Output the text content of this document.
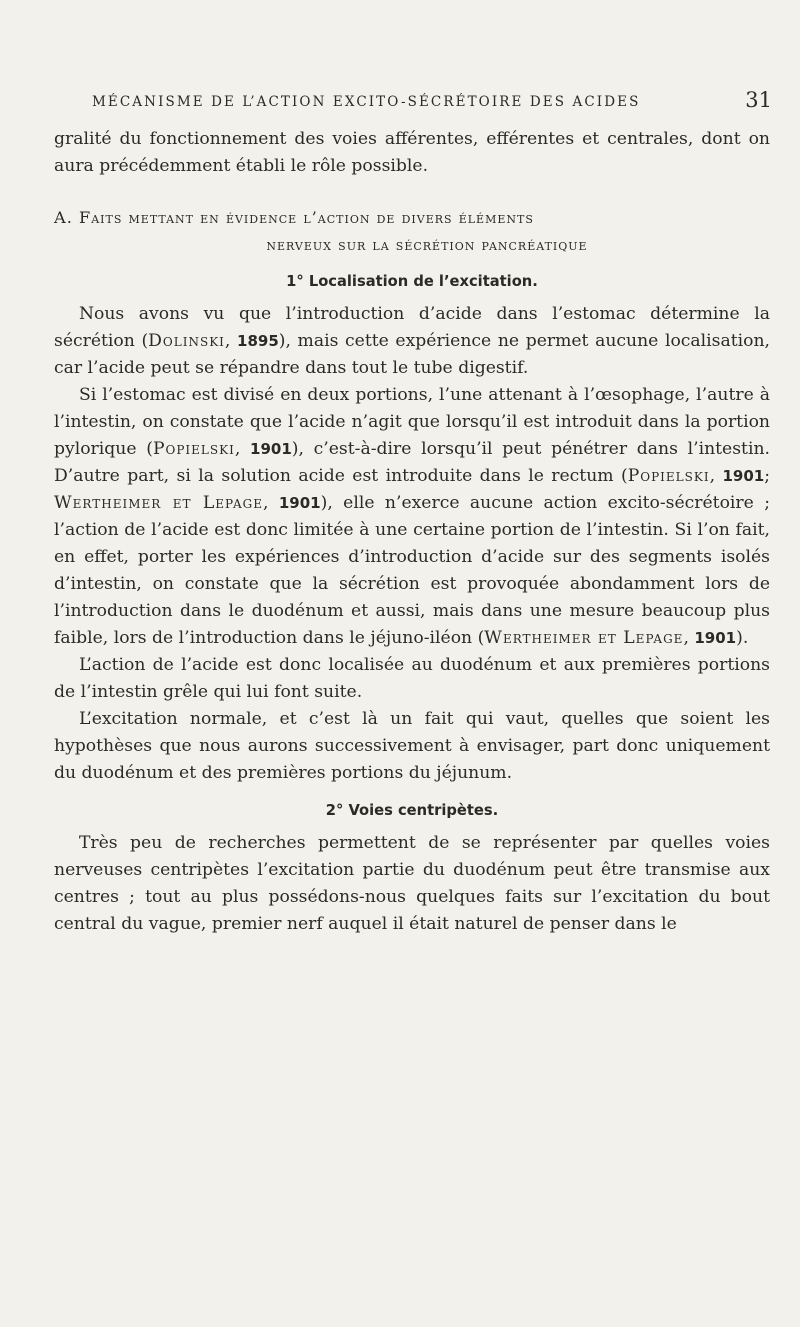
MÉCANISME DE L’ACTION EXCITO-SÉCRÉTOIRE DES ACIDES	31

gralité du fonctionnement des voies afférentes, efférentes et centrales, dont on aura précédemment établi le rôle possible.

A. Faits mettant en évidence l’action de divers éléments
nerveux sur la sécrétion pancréatique
1° Localisation de l’excitation.

Nous avons vu que l’introduction d’acide dans l’estomac détermine la sécrétion (Dolinski, 1895), mais cette expérience ne permet aucune localisation, car l’acide peut se répandre dans tout le tube digestif.

Si l’estomac est divisé en deux portions, l’une attenant à l’œsophage, l’autre à l’intestin, on constate que l’acide n’agit que lorsqu’il est introduit dans la portion pylorique (Popielski, 1901), c’est-à-dire lorsqu’il peut pénétrer dans l’intestin. D’autre part, si la solution acide est introduite dans le rectum (Popielski, 1901; Wertheimer et Lepage, 1901), elle n’exerce aucune action excito-sécrétoire ; l’action de l’acide est donc limitée à une certaine portion de l’intestin. Si l’on fait, en effet, porter les expériences d’introduction d’acide sur des segments isolés d’intestin, on constate que la sécrétion est provoquée abondamment lors de l’introduction dans le duodénum et aussi, mais dans une mesure beaucoup plus faible, lors de l’introduction dans le jéjuno-iléon (Wertheimer et Lepage, 1901).

L’action de l’acide est donc localisée au duodénum et aux premières portions de l’intestin grêle qui lui font suite.

L’excitation normale, et c’est là un fait qui vaut, quelles que soient les hypothèses que nous aurons successivement à envisager, part donc uniquement du duodénum et des premières portions du jéjunum.

2° Voies centripètes.

Très peu de recherches permettent de se représenter par quelles voies nerveuses centripètes l’excitation partie du duodénum peut être transmise aux centres ; tout au plus possédons-nous quelques faits sur l’excitation du bout central du vague, premier nerf auquel il était naturel de penser dans le
